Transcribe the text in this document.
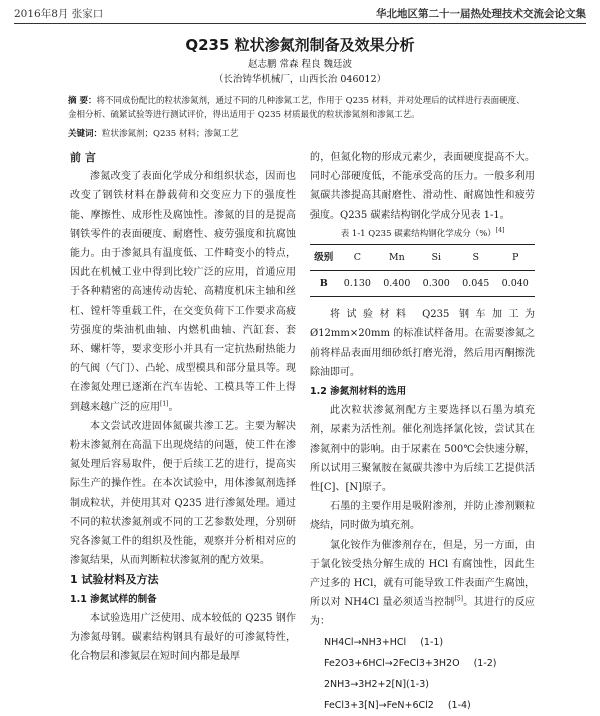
2016年8月 张家口	华北地区第二十一届热处理技术交流会论文集
Q235 粒状渗氮剂制备及效果分析
赵志鹏 常森 程良 魏廷波
（长治铸华机械厂，山西长治 046012）
摘 要：将不同成份配比的粒状渗氮剂，通过不同的几种渗氮工艺，作用于 Q235 材料，并对处理后的试样进行表面硬度、金相分析、硫紧试验等进行测试评价，得出适用于 Q235 材质最优的粒状渗氮剂和渗氮工艺。
关键词：粒状渗氮剂；Q235 材料；渗氮工艺
前 言

渗氮改变了表面化学成分和组织状态，因而也改变了钢铁材料在静载荷和交变应力下的强度性能、摩擦性、成形性及腐蚀性。渗氮的目的是提高钢铁零件的表面硬度、耐磨性、疲劳强度和抗腐蚀能力。由于渗氮具有温度低、工件畸变小的特点，因此在机械工业中得到比较广泛的应用，首通应用于各种精密的高速传动齿轮、高精度机床主轴和丝杠、镗杆等重载工件，在交变负荷下工作要求高疲劳强度的柴油机曲轴、内燃机曲轴、汽缸套、套环、螺杆等，要求变形小并具有一定抗热耐热能力的气阀（气门）、凸轮、成型模具和部分量具等。现在渗氮处理已逐渐在汽车齿轮、工模具等工件上得到越来越广泛的应用[1]。

本文尝试改进固体氮碳共渗工艺。主要为解决粉末渗氮剂在高温下出现烧结的问题，使工件在渗氮处理后容易取件，便于后续工艺的进行，提高实际生产的操作性。在本次试验中，用体渗氮剂选择制成粒状，并使用其对 Q235 进行渗氮处理。通过不同的粒状渗氮剂或不同的工艺参数处理，分别研究各渗氮工件的组织及性能，观察并分析相对应的渗氮结果，从而判断粒状渗氮剂的配方效果。

1 试验材料及方法
1.1 渗氮试样的制备

本试验选用广泛使用、成本较低的 Q235 钢作为渗氮母钢。碳素结构钢具有最好的可渗氮特性，化合物层和渗氮层在短时间内都是最厚

的，但氮化物的形成元素少，表面硬度提高不大。同时心部硬度低，不能承受高的压力。一般多利用氮碳共渗提高其耐磨性、滑动性、耐腐蚀性和疲劳强度。Q235 碳素结构钢化学成分见表 1-1。

表 1-1 Q235 碳素结构钢化学成分（%）[4]
级别	C	Mn	Si	S	P
B	0.130	0.400	0.300	0.045	0.040

将试验材料 Q235 钢车加工为 Ø12mm×20mm 的标准试样备用。在需要渗氮之前将样品表面用细砂纸打磨光滑，然后用丙酮擦洗除油即可。

1.2 渗氮剂材料的选用

此次粒状渗氮剂配方主要选择以石墨为填充剂，尿素为活性剂。催化剂选择氯化铵，尝试其在渗氮剂中的影响。由于尿素在 500℃会快速分解，所以试用三聚氰胺在氮碳共渗中为后续工艺提供活性[C]、[N]原子。

石墨的主要作用是吸附渗剂，并防止渗剂颗粒烧结，同时做为填充剂。

氯化铵作为催渗剂存在，但是，另一方面，由于氯化铵受热分解生成的 HCl 有腐蚀性，因此生产过多的 HCl，就有可能导致工件表面产生腐蚀，所以对 NH4Cl 量必须适当控制[5]。其进行的反应为：

NH4Cl→NH3+HCl (1-1)
Fe2O3+6HCl→2FeCl3+3H2O (1-2)
2NH3→3H2+2[N](1-3)
FeCl3+3[N]→FeN+6Cl2 (1-4)
